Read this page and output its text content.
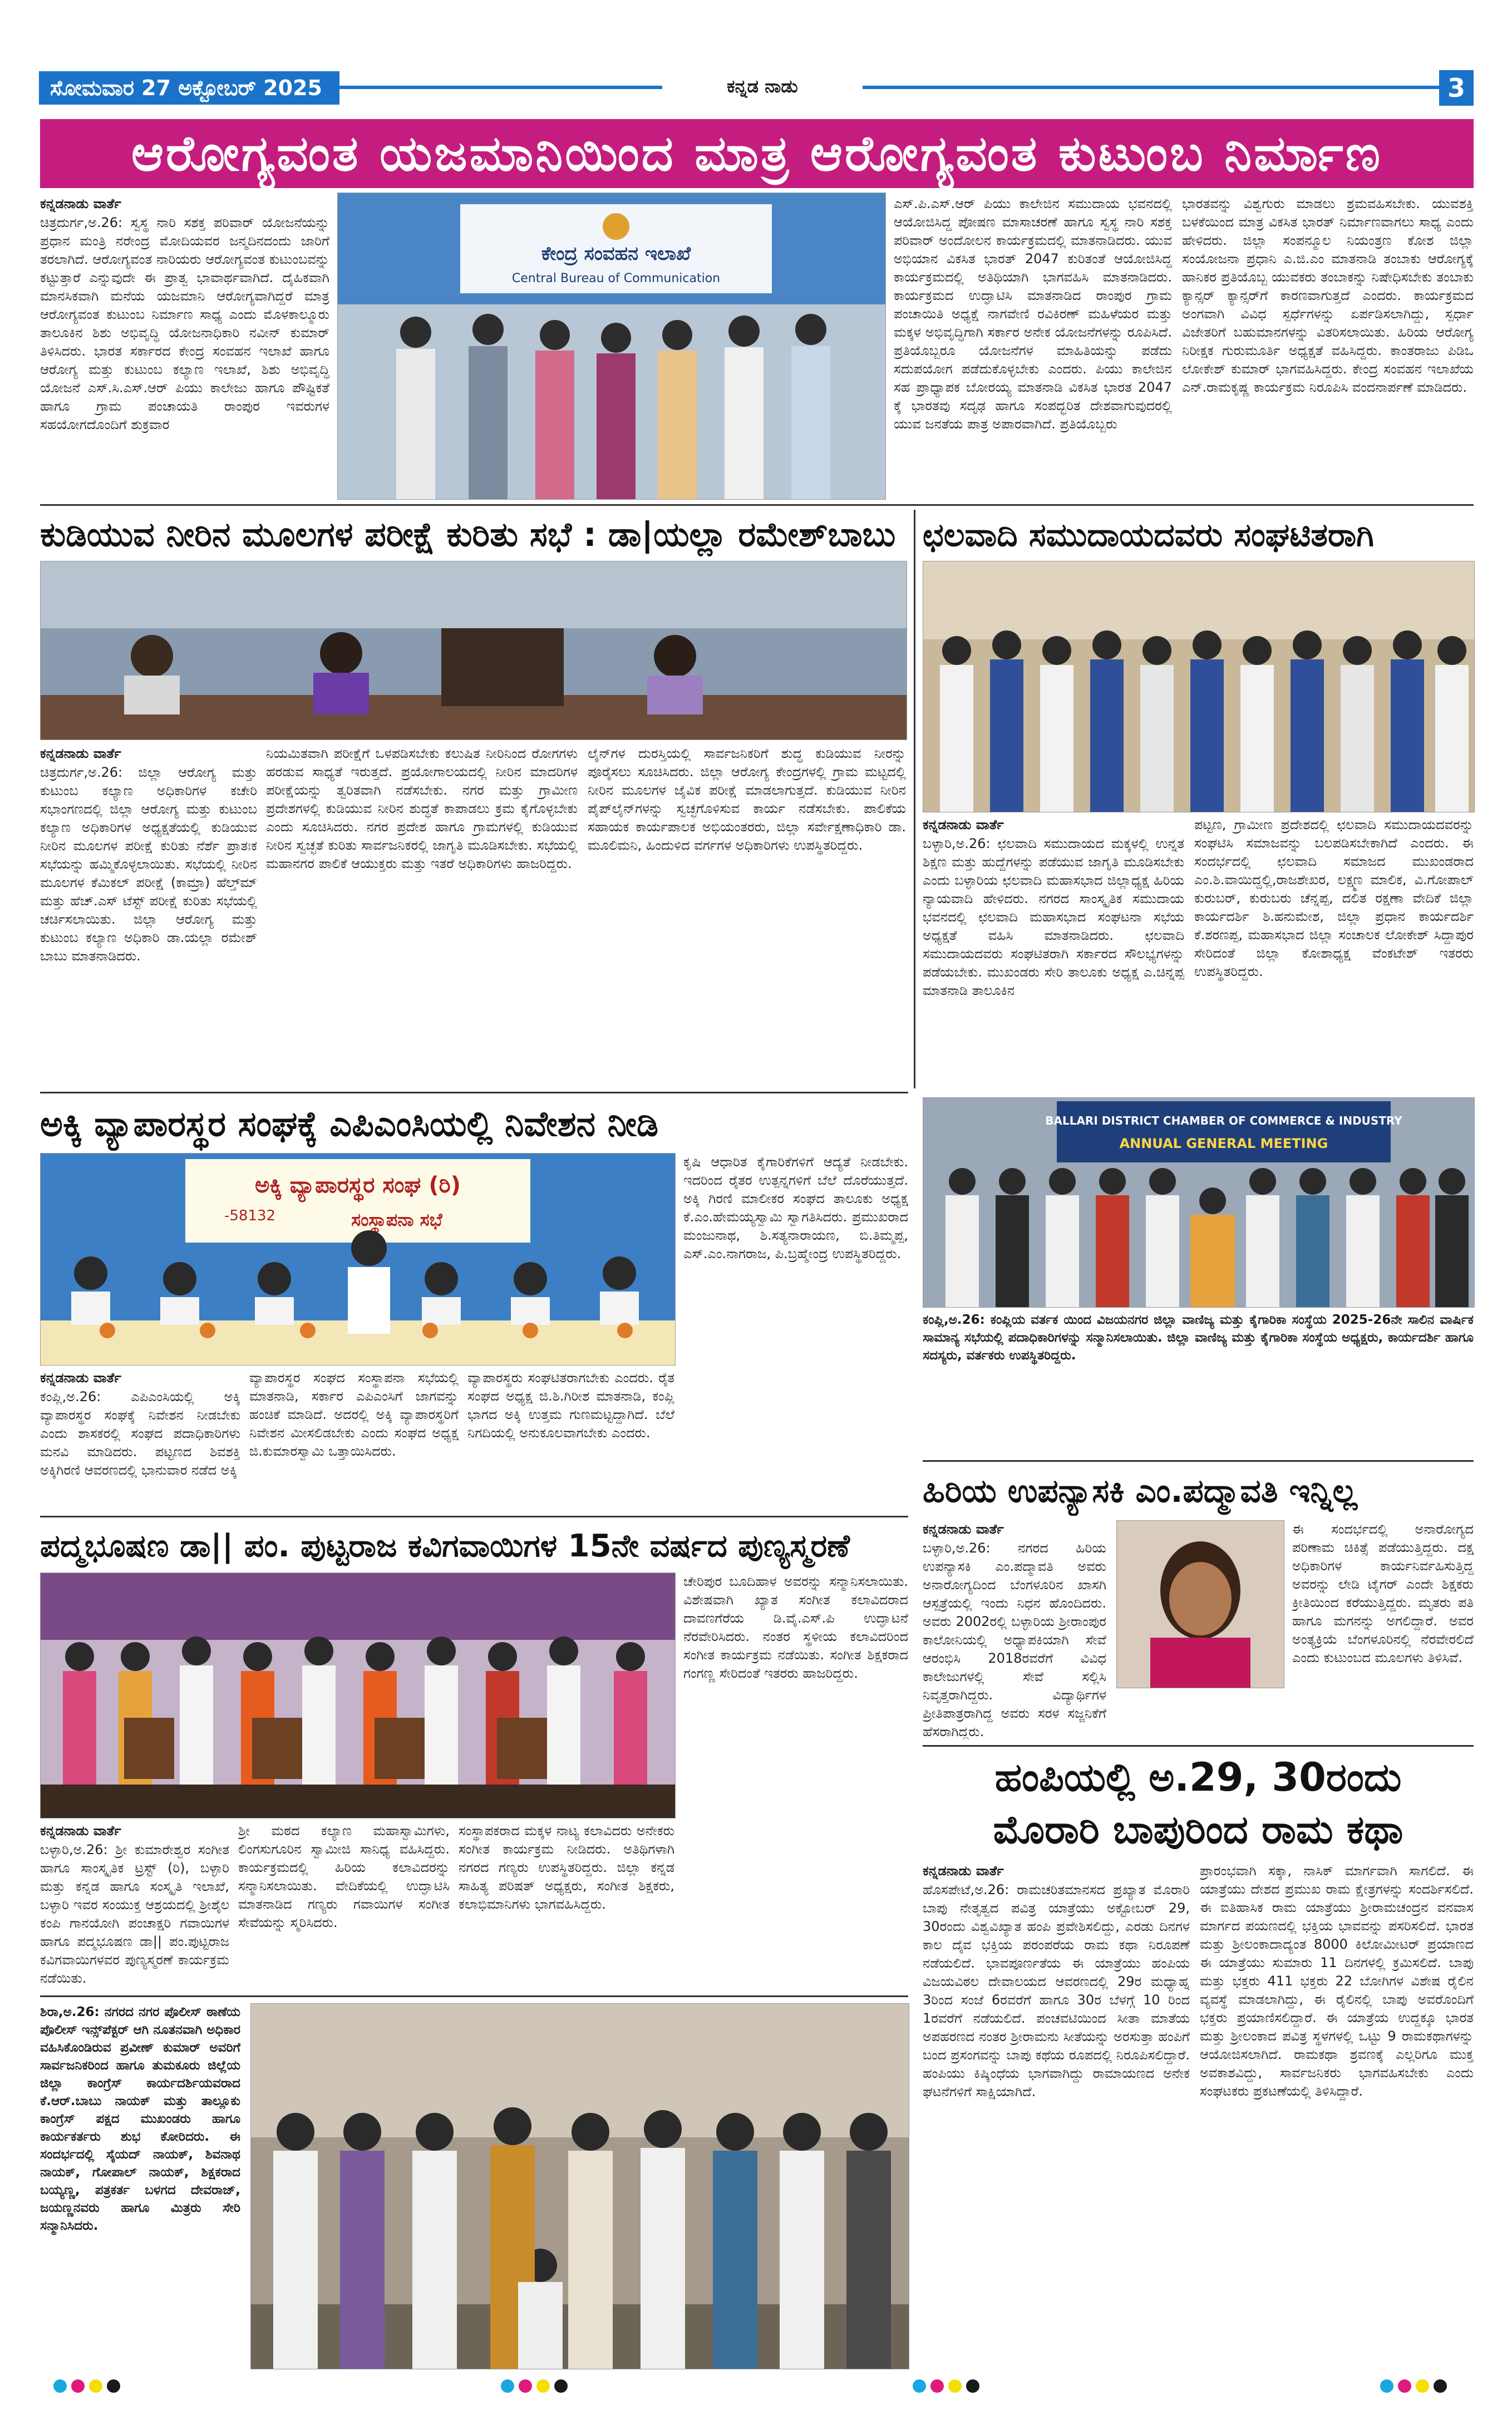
ಸೋಮವಾರ 27 ಅಕ್ಟೋಬರ್ 2025	ಕನ್ನಡ ನಾಡು	3
ಆರೋಗ್ಯವಂತ ಯಜಮಾನಿಯಿಂದ ಮಾತ್ರ ಆರೋಗ್ಯವಂತ ಕುಟುಂಬ ನಿರ್ಮಾಣ
ಕನ್ನಡನಾಡು ವಾರ್ತೆ
ಚಿತ್ರದುರ್ಗ,ಅ.26: ಸ್ವಸ್ಥ ನಾರಿ ಸಶಕ್ತ ಪರಿವಾರ್ ಯೋಜನೆಯನ್ನು ಪ್ರಧಾನ ಮಂತ್ರಿ ನರೇಂದ್ರ ಮೋದಿಯವರ ಜನ್ಮದಿನದಂದು ಜಾರಿಗೆ ತರಲಾಗಿದೆ. ಆರೋಗ್ಯವಂತ ನಾರಿಯರು ಆರೋಗ್ಯವಂತ ಕುಟುಂಬವನ್ನು ಕಟ್ಟುತ್ತಾರೆ ಎನ್ನುವುದೇ ಈ ಪ್ರಾತ್ವ ಭಾವಾರ್ಥವಾಗಿದೆ. ದೈಹಿಕವಾಗಿ ಮಾನಸಿಕವಾಗಿ ಮನೆಯ ಯಜಮಾನಿ ಆರೋಗ್ಯವಾಗಿದ್ದರೆ ಮಾತ್ರ ಆರೋಗ್ಯವಂತ ಕುಟುಂಬ ನಿರ್ಮಾಣ ಸಾಧ್ಯ ಎಂದು ಮೊಳಕಾಲ್ಮೂರು ತಾಲೂಕಿನ ಶಿಶು ಅಭಿವೃದ್ಧಿ ಯೋಜನಾಧಿಕಾರಿ ನವೀನ್ ಕುಮಾರ್ ತಿಳಿಸಿದರು. ಭಾರತ ಸರ್ಕಾರದ ಕೇಂದ್ರ ಸಂವಹನ ಇಲಾಖೆ ಹಾಗೂ ಆರೋಗ್ಯ ಮತ್ತು ಕುಟುಂಬ ಕಲ್ಯಾಣ ಇಲಾಖೆ, ಶಿಶು ಅಭಿವೃದ್ಧಿ ಯೋಜನೆ ಎಸ್.ಸಿ.ಎಸ್.ಆರ್ ಪಿಯು ಕಾಲೇಜು ಹಾಗೂ ಪೌಷ್ಟಿಕತೆ ಹಾಗೂ ಗ್ರಾಮ ಪಂಚಾಯತಿ ರಾಂಪುರ ಇವರುಗಳ ಸಹಯೋಗದೊಂದಿಗೆ ಶುಕ್ರವಾರ
ಕೇಂದ್ರ ಸಂವಹನ ಇಲಾಖೆ
Central Bureau of Communication
ಎಸ್.ಪಿ.ಎಸ್.ಆರ್ ಪಿಯು ಕಾಲೇಜಿನ ಸಮುದಾಯ ಭವನದಲ್ಲಿ ಆಯೋಜಿಸಿದ್ದ ಪೋಷಣ ಮಾಸಾಚರಣೆ ಹಾಗೂ ಸ್ವಸ್ಥ ನಾರಿ ಸಶಕ್ತ ಪರಿವಾರ್ ಅಂದೋಲನ ಕಾರ್ಯಕ್ರಮದಲ್ಲಿ ಮಾತನಾಡಿದರು. ಯುವ ಅಭಿಯಾನ ವಿಕಸಿತ ಭಾರತ್ 2047 ಕುರಿತಂತೆ ಆಯೋಜಿಸಿದ್ದ ಕಾರ್ಯಕ್ರಮದಲ್ಲಿ ಅತಿಥಿಯಾಗಿ ಭಾಗವಹಿಸಿ ಮಾತನಾಡಿದರು. ಕಾರ್ಯಕ್ರಮದ ಉದ್ಘಾಟಿಸಿ ಮಾತನಾಡಿದ ರಾಂಪುರ ಗ್ರಾಮ ಪಂಚಾಯಿತಿ ಅಧ್ಯಕ್ಷೆ ನಾಗವೇಣಿ ರವಿಕಿರಣ್ ಮಹಿಳೆಯರ ಮತ್ತು ಮಕ್ಕಳ ಅಭಿವೃದ್ಧಿಗಾಗಿ ಸರ್ಕಾರ ಅನೇಕ ಯೋಜನೆಗಳನ್ನು ರೂಪಿಸಿದೆ. ಪ್ರತಿಯೊಬ್ಬರೂ ಯೋಜನೆಗಳ ಮಾಹಿತಿಯನ್ನು ಪಡೆದು ಸದುಪಯೋಗ ಪಡೆದುಕೊಳ್ಳಬೇಕು ಎಂದರು. ಪಿಯು ಕಾಲೇಜಿನ ಸಹ ಪ್ರಾಧ್ಯಾಪಕ ಬೋರಯ್ಯ ಮಾತನಾಡಿ ವಿಕಸಿತ ಭಾರತ 2047 ಕ್ಕೆ ಭಾರತವು ಸದೃಢ ಹಾಗೂ ಸಂಪದ್ಭರಿತ ದೇಶವಾಗುವುದರಲ್ಲಿ ಯುವ ಜನತೆಯ ಪಾತ್ರ ಅಪಾರವಾಗಿದೆ. ಪ್ರತಿಯೊಬ್ಬರು
ಭಾರತವನ್ನು ವಿಶ್ವಗುರು ಮಾಡಲು ಶ್ರಮವಹಿಸಬೇಕು. ಯುವಶಕ್ತಿ ಬಳಕೆಯಿಂದ ಮಾತ್ರ ವಿಕಸಿತ ಭಾರತ್ ನಿರ್ಮಾಣವಾಗಲು ಸಾಧ್ಯ ಎಂದು ಹೇಳಿದರು. ಜಿಲ್ಲಾ ಸಂಪನ್ಮೂಲ ನಿಯಂತ್ರಣ ಕೋಶ ಜಿಲ್ಲಾ ಸಂಯೋಜನಾ ಪ್ರಧಾನಿ ಎ.ಜಿ.ಎಂ ಮಾತನಾಡಿ ತಂಬಾಕು ಆರೋಗ್ಯಕ್ಕೆ ಹಾನಿಕರ ಪ್ರತಿಯೊಬ್ಬ ಯುವಕರು ತಂಬಾಕನ್ನು ನಿಷೇಧಿಸಬೇಕು ತಂಬಾಕು ಕ್ಯಾನ್ಸರ್ ಕ್ಯಾನ್ಸರ್‌ಗೆ ಕಾರಣವಾಗುತ್ತದೆ ಎಂದರು. ಕಾರ್ಯಕ್ರಮದ ಅಂಗವಾಗಿ ವಿವಿಧ ಸ್ಪರ್ಧೆಗಳನ್ನು ಏರ್ಪಡಿಸಲಾಗಿದ್ದು, ಸ್ಪರ್ಧಾ ವಿಜೇತರಿಗೆ ಬಹುಮಾನಗಳನ್ನು ವಿತರಿಸಲಾಯಿತು. ಹಿರಿಯ ಆರೋಗ್ಯ ನಿರೀಕ್ಷಕ ಗುರುಮೂರ್ತಿ ಅಧ್ಯಕ್ಷತೆ ವಹಿಸಿದ್ದರು. ಕಾಂತರಾಜು ಪಿಡಿಒ ಲೋಕೇಶ್ ಕುಮಾರ್ ಭಾಗವಹಿಸಿದ್ದರು. ಕೇಂದ್ರ ಸಂವಹನ ಇಲಾಖೆಯ ಎನ್.ರಾಮಕೃಷ್ಣ ಕಾರ್ಯಕ್ರಮ ನಿರೂಪಿಸಿ ವಂದನಾರ್ಪಣೆ ಮಾಡಿದರು.
ಕುಡಿಯುವ ನೀರಿನ ಮೂಲಗಳ ಪರೀಕ್ಷೆ ಕುರಿತು ಸಭೆ : ಡಾ|ಯಲ್ಲಾ ರಮೇಶ್‌ಬಾಬು
ಕನ್ನಡನಾಡು ವಾರ್ತೆ
ಚಿತ್ರದುರ್ಗ,ಅ.26: ಜಿಲ್ಲಾ ಆರೋಗ್ಯ ಮತ್ತು ಕುಟುಂಬ ಕಲ್ಯಾಣ ಅಧಿಕಾರಿಗಳ ಕಚೇರಿ ಸಭಾಂಗಣದಲ್ಲಿ ಜಿಲ್ಲಾ ಆರೋಗ್ಯ ಮತ್ತು ಕುಟುಂಬ ಕಲ್ಯಾಣ ಅಧಿಕಾರಿಗಳ ಅಧ್ಯಕ್ಷತೆಯಲ್ಲಿ ಕುಡಿಯುವ ನೀರಿನ ಮೂಲಗಳ ಪರೀಕ್ಷೆ ಕುರಿತು ನೆರ್ಶೆ ಪ್ರಾತಃಕ ಸಭೆಯನ್ನು ಹಮ್ಮಿಕೊಳ್ಳಲಾಯಿತು. ಸಭೆಯಲ್ಲಿ ನೀರಿನ ಮೂಲಗಳ ಕೆಮಿಕಲ್ ಪರೀಕ್ಷೆ (ಕಾಮ್ರಾ) ಹೆಲ್ತ್‌ಮ್ ಮತ್ತು ಹೆಚ್.ಎಸ್ ಟೆಸ್ಟ್ ಪರೀಕ್ಷೆ ಕುರಿತು ಸಭೆಯಲ್ಲಿ ಚರ್ಚಿಸಲಾಯಿತು. ಜಿಲ್ಲಾ ಆರೋಗ್ಯ ಮತ್ತು ಕುಟುಂಬ ಕಲ್ಯಾಣ ಅಧಿಕಾರಿ ಡಾ.ಯಲ್ಲಾ ರಮೇಶ್ ಬಾಬು ಮಾತನಾಡಿದರು.
ನಿಯಮಿತವಾಗಿ ಪರೀಕ್ಷೆಗೆ ಒಳಪಡಿಸಬೇಕು ಕಲುಷಿತ ನೀರಿನಿಂದ ರೋಗಗಳು ಹರಡುವ ಸಾಧ್ಯತೆ ಇರುತ್ತದೆ. ಪ್ರಯೋಗಾಲಯದಲ್ಲಿ ನೀರಿನ ಮಾದರಿಗಳ ಪರೀಕ್ಷೆಯನ್ನು ತ್ವರಿತವಾಗಿ ನಡೆಸಬೇಕು. ನಗರ ಮತ್ತು ಗ್ರಾಮೀಣ ಪ್ರದೇಶಗಳಲ್ಲಿ ಕುಡಿಯುವ ನೀರಿನ ಶುದ್ಧತೆ ಕಾಪಾಡಲು ಕ್ರಮ ಕೈಗೊಳ್ಳಬೇಕು ಎಂದು ಸೂಚಿಸಿದರು. ನಗರ ಪ್ರದೇಶ ಹಾಗೂ ಗ್ರಾಮಗಳಲ್ಲಿ ಕುಡಿಯುವ ನೀರಿನ ಸ್ವಚ್ಛತೆ ಕುರಿತು ಸಾರ್ವಜನಿಕರಲ್ಲಿ ಜಾಗೃತಿ ಮೂಡಿಸಬೇಕು. ಸಭೆಯಲ್ಲಿ ಮಹಾನಗರ ಪಾಲಿಕೆ ಆಯುಕ್ತರು ಮತ್ತು ಇತರೆ ಅಧಿಕಾರಿಗಳು ಹಾಜರಿದ್ದರು.
ಲೈನ್‌ಗಳ ದುರಸ್ತಿಯಲ್ಲಿ ಸಾರ್ವಜನಿಕರಿಗೆ ಶುದ್ಧ ಕುಡಿಯುವ ನೀರನ್ನು ಪೂರೈಸಲು ಸೂಚಿಸಿದರು. ಜಿಲ್ಲಾ ಆರೋಗ್ಯ ಕೇಂದ್ರಗಳಲ್ಲಿ ಗ್ರಾಮ ಮಟ್ಟದಲ್ಲಿ ನೀರಿನ ಮೂಲಗಳ ಜೈವಿಕ ಪರೀಕ್ಷೆ ಮಾಡಲಾಗುತ್ತದೆ. ಕುಡಿಯುವ ನೀರಿನ ಪೈಪ್‌ಲೈನ್‌ಗಳನ್ನು ಸ್ವಚ್ಛಗೊಳಿಸುವ ಕಾರ್ಯ ನಡೆಸಬೇಕು. ಪಾಲಿಕೆಯ ಸಹಾಯಕ ಕಾರ್ಯಪಾಲಕ ಅಭಿಯಂತರರು, ಜಿಲ್ಲಾ ಸರ್ವೇಕ್ಷಣಾಧಿಕಾರಿ ಡಾ. ಮೂಲಿಮನಿ, ಹಿಂದುಳಿದ ವರ್ಗಗಳ ಅಧಿಕಾರಿಗಳು ಉಪಸ್ಥಿತರಿದ್ದರು.
ಛಲವಾದಿ ಸಮುದಾಯದವರು ಸಂಘಟಿತರಾಗಿ
ಕನ್ನಡನಾಡು ವಾರ್ತೆ
ಬಳ್ಳಾರಿ,ಅ.26: ಛಲವಾದಿ ಸಮುದಾಯದ ಮಕ್ಕಳಲ್ಲಿ ಉನ್ನತ ಶಿಕ್ಷಣ ಮತ್ತು ಹುದ್ದೆಗಳನ್ನು ಪಡೆಯುವ ಜಾಗೃತಿ ಮೂಡಿಸಬೇಕು ಎಂದು ಬಳ್ಳಾರಿಯ ಛಲವಾದಿ ಮಹಾಸಭಾದ ಜಿಲ್ಲಾಧ್ಯಕ್ಷ ಹಿರಿಯ ನ್ಯಾಯವಾದಿ ಹೇಳಿದರು. ನಗರದ ಸಾಂಸ್ಕೃತಿಕ ಸಮುದಾಯ ಭವನದಲ್ಲಿ ಛಲವಾದಿ ಮಹಾಸಭಾದ ಸಂಘಟನಾ ಸಭೆಯ ಅಧ್ಯಕ್ಷತೆ ವಹಿಸಿ ಮಾತನಾಡಿದರು. ಛಲವಾದಿ ಸಮುದಾಯದವರು ಸಂಘಟಿತರಾಗಿ ಸರ್ಕಾರದ ಸೌಲಭ್ಯಗಳನ್ನು ಪಡೆಯಬೇಕು. ಮುಖಂಡರು ಸೇರಿ ತಾಲೂಕು ಅಧ್ಯಕ್ಷ ಎ.ಚಿನ್ನಪ್ಪ ಮಾತನಾಡಿ ತಾಲೂಕಿನ
ಪಟ್ಟಣ, ಗ್ರಾಮೀಣ ಪ್ರದೇಶದಲ್ಲಿ ಛಲವಾದಿ ಸಮುದಾಯದವರನ್ನು ಸಂಘಟಿಸಿ ಸಮಾಜವನ್ನು ಬಲಪಡಿಸಬೇಕಾಗಿದೆ ಎಂದರು. ಈ ಸಂದರ್ಭದಲ್ಲಿ ಛಲವಾದಿ ಸಮಾಜದ ಮುಖಂಡರಾದ ಎಂ.ಶಿ.ವಾಯಿದ್ದಲ್ಲಿ,ರಾಜಶೇಖರ, ಲಕ್ಷ್ಮಣ ಮಾಲಿಕ, ವಿ.ಗೋಪಾಲ್ ಕುರುಬರ್, ಕುರುಬರು ಚೆನ್ನಪ್ಪ, ದಲಿತ ರಕ್ಷಣಾ ವೇದಿಕೆ ಜಿಲ್ಲಾ ಕಾರ್ಯದರ್ಶಿ ಶಿ.ಹನುಮೇಶ, ಜಿಲ್ಲಾ ಪ್ರಧಾನ ಕಾರ್ಯದರ್ಶಿ ಕೆ.ಶರಣಪ್ಪ, ಮಹಾಸಭಾದ ಜಿಲ್ಲಾ ಸಂಚಾಲಕ ಲೋಕೇಶ್ ಸಿದ್ದಾಪುರ ಸೇರಿದಂತೆ ಜಿಲ್ಲಾ ಕೋಶಾಧ್ಯಕ್ಷ ವೆಂಕಟೇಶ್ ಇತರರು ಉಪಸ್ಥಿತರಿದ್ದರು.
ಅಕ್ಕಿ ವ್ಯಾಪಾರಸ್ಥರ ಸಂಘಕ್ಕೆ ಎಪಿಎಂಸಿಯಲ್ಲಿ ನಿವೇಶನ ನೀಡಿ
ಅಕ್ಕಿ ವ್ಯಾಪಾರಸ್ಥರ ಸಂಘ (ರಿ)
-58132	ಸಂಸ್ಥಾಪನಾ ಸಭೆ
ಕೃಷಿ ಆಧಾರಿತ ಕೈಗಾರಿಕೆಗಳಿಗೆ ಆದ್ಯತೆ ನೀಡಬೇಕು. ಇದರಿಂದ ರೈತರ ಉತ್ಪನ್ನಗಳಿಗೆ ಬೆಲೆ ದೊರೆಯುತ್ತದೆ. ಅಕ್ಕಿ ಗಿರಣಿ ಮಾಲೀಕರ ಸಂಘದ ತಾಲೂಕು ಅಧ್ಯಕ್ಷ ಕೆ.ಎಂ.ಹೇಮಯ್ಯಸ್ವಾಮಿ ಸ್ವಾಗತಿಸಿದರು. ಪ್ರಮುಖರಾದ ಮಂಜುನಾಥ, ಶಿ.ಸತ್ಯನಾರಾಯಣ, ಬಿ.ತಿಮ್ಮಪ್ಪ, ಎಸ್.ಎಂ.ನಾಗರಾಜ, ಪಿ.ಬ್ರಹ್ಮೇಂದ್ರ ಉಪಸ್ಥಿತರಿದ್ದರು.
ಕನ್ನಡನಾಡು ವಾರ್ತೆ
ಕಂಪ್ಲಿ,ಅ.26: ಎಪಿಎಂಸಿಯಲ್ಲಿ ಅಕ್ಕಿ ವ್ಯಾಪಾರಸ್ಥರ ಸಂಘಕ್ಕೆ ನಿವೇಶನ ನೀಡಬೇಕು ಎಂದು ಶಾಸಕರಲ್ಲಿ ಸಂಘದ ಪದಾಧಿಕಾರಿಗಳು ಮನವಿ ಮಾಡಿದರು. ಪಟ್ಟಣದ ಶಿವಶಕ್ತಿ ಅಕ್ಕಿಗಿರಣಿ ಆವರಣದಲ್ಲಿ ಭಾನುವಾರ ನಡೆದ ಅಕ್ಕಿ
ವ್ಯಾಪಾರಸ್ಥರ ಸಂಘದ ಸಂಸ್ಥಾಪನಾ ಸಭೆಯಲ್ಲಿ ಮಾತನಾಡಿ, ಸರ್ಕಾರ ಎಪಿಎಂಸಿಗೆ ಜಾಗವನ್ನು ಹಂಚಿಕೆ ಮಾಡಿದೆ. ಅದರಲ್ಲಿ ಅಕ್ಕಿ ವ್ಯಾಪಾರಸ್ಥರಿಗೆ ನಿವೇಶನ ಮೀಸಲಿಡಬೇಕು ಎಂದು ಸಂಘದ ಅಧ್ಯಕ್ಷ ಜಿ.ಕುಮಾರಸ್ವಾಮಿ ಒತ್ತಾಯಿಸಿದರು.
ವ್ಯಾಪಾರಸ್ಥರು ಸಂಘಟಿತರಾಗಬೇಕು ಎಂದರು. ರೈತ ಸಂಘದ ಅಧ್ಯಕ್ಷ ಜಿ.ಶಿ.ಗಿರೀಶ ಮಾತನಾಡಿ, ಕಂಪ್ಲಿ ಭಾಗದ ಅಕ್ಕಿ ಉತ್ತಮ ಗುಣಮಟ್ಟದ್ದಾಗಿದೆ. ಬೆಲೆ ನಿಗದಿಯಲ್ಲಿ ಅನುಕೂಲವಾಗಬೇಕು ಎಂದರು.
BALLARI DISTRICT CHAMBER OF COMMERCE & INDUSTRY
ANNUAL GENERAL MEETING
ಕಂಪ್ಲಿ,ಅ.26: ಕಂಪ್ಲಿಯ ವರ್ತಕ ಯಿಂದ ವಿಜಯನಗರ ಜಿಲ್ಲಾ ವಾಣಿಜ್ಯ ಮತ್ತು ಕೈಗಾರಿಕಾ ಸಂಸ್ಥೆಯ 2025-26ನೇ ಸಾಲಿನ ವಾರ್ಷಿಕ ಸಾಮಾನ್ಯ ಸಭೆಯಲ್ಲಿ ಪದಾಧಿಕಾರಿಗಳನ್ನು ಸನ್ಮಾನಿಸಲಾಯಿತು. ಜಿಲ್ಲಾ ವಾಣಿಜ್ಯ ಮತ್ತು ಕೈಗಾರಿಕಾ ಸಂಸ್ಥೆಯ ಅಧ್ಯಕ್ಷರು, ಕಾರ್ಯದರ್ಶಿ ಹಾಗೂ ಸದಸ್ಯರು, ವರ್ತಕರು ಉಪಸ್ಥಿತರಿದ್ದರು.
ಹಿರಿಯ ಉಪನ್ಯಾಸಕಿ ಎಂ.ಪದ್ಮಾವತಿ ಇನ್ನಿಲ್ಲ
ಕನ್ನಡನಾಡು ವಾರ್ತೆ
ಬಳ್ಳಾರಿ,ಅ.26: ನಗರದ ಹಿರಿಯ ಉಪನ್ಯಾಸಕಿ ಎಂ.ಪದ್ಮಾವತಿ ಅವರು ಅನಾರೋಗ್ಯದಿಂದ ಬೆಂಗಳೂರಿನ ಖಾಸಗಿ ಆಸ್ಪತ್ರೆಯಲ್ಲಿ ಇಂದು ನಿಧನ ಹೊಂದಿದರು. ಅವರು 2002ರಲ್ಲಿ ಬಳ್ಳಾರಿಯ ಶ್ರೀರಾಂಪುರ ಕಾಲೋನಿಯಲ್ಲಿ ಅಧ್ಯಾಪಕಿಯಾಗಿ ಸೇವೆ ಆರಂಭಿಸಿ 2018ರವರೆಗೆ ವಿವಿಧ ಕಾಲೇಜುಗಳಲ್ಲಿ ಸೇವೆ ಸಲ್ಲಿಸಿ ನಿವೃತ್ತರಾಗಿದ್ದರು. ವಿದ್ಯಾರ್ಥಿಗಳ ಪ್ರೀತಿಪಾತ್ರರಾಗಿದ್ದ ಅವರು ಸರಳ ಸಜ್ಜನಿಕೆಗೆ ಹೆಸರಾಗಿದ್ದರು.
ಈ ಸಂದರ್ಭದಲ್ಲಿ ಅನಾರೋಗ್ಯದ ಪರಿಣಾಮ ಚಿಕಿತ್ಸೆ ಪಡೆಯುತ್ತಿದ್ದರು. ದಕ್ಷ ಅಧಿಕಾರಿಗಳ ಕಾರ್ಯನಿರ್ವಹಿಸುತ್ತಿದ್ದ ಅವರನ್ನು ಲೇಡಿ ಟೈಗರ್ ಎಂದೇ ಶಿಕ್ಷಕರು ಕ್ರೀತಿಯಿಂದ ಕರೆಯುತ್ತಿದ್ದರು. ಮೃತರು ಪತಿ ಹಾಗೂ ಮಗನನ್ನು ಅಗಲಿದ್ದಾರೆ. ಅವರ ಅಂತ್ಯಕ್ರಿಯೆ ಬೆಂಗಳೂರಿನಲ್ಲಿ ನೆರವೇರಲಿದೆ ಎಂದು ಕುಟುಂಬದ ಮೂಲಗಳು ತಿಳಿಸಿವೆ.
ಪದ್ಮಭೂಷಣ ಡಾ|| ಪಂ. ಪುಟ್ಟರಾಜ ಕವಿಗವಾಯಿಗಳ 15ನೇ ವರ್ಷದ ಪುಣ್ಯಸ್ಮರಣೆ
ಚೇರಿಪುರ ಬೂದಿಹಾಳ ಅವರನ್ನು ಸನ್ಮಾನಿಸಲಾಯಿತು. ವಿಶೇಷವಾಗಿ ಖ್ಯಾತ ಸಂಗೀತ ಕಲಾವಿದರಾದ ದಾವಣಗೆರೆಯ ಡಿ.ವೈ.ಎಸ್.ಪಿ ಉದ್ಘಾಟನೆ ನೆರವೇರಿಸಿದರು. ನಂತರ ಸ್ಥಳೀಯ ಕಲಾವಿದರಿಂದ ಸಂಗೀತ ಕಾರ್ಯಕ್ರಮ ನಡೆಯಿತು. ಸಂಗೀತ ಶಿಕ್ಷಕರಾದ ಗಂಗಣ್ಣ ಸೇರಿದಂತೆ ಇತರರು ಹಾಜರಿದ್ದರು.
ಕನ್ನಡನಾಡು ವಾರ್ತೆ
ಬಳ್ಳಾರಿ,ಅ.26: ಶ್ರೀ ಕುಮಾರೇಶ್ವರ ಸಂಗೀತ ಹಾಗೂ ಸಾಂಸ್ಕೃತಿಕ ಟ್ರಸ್ಟ್ (ರಿ), ಬಳ್ಳಾರಿ ಮತ್ತು ಕನ್ನಡ ಹಾಗೂ ಸಂಸ್ಕೃತಿ ಇಲಾಖೆ, ಬಳ್ಳಾರಿ ಇವರ ಸಂಯುಕ್ತ ಆಶ್ರಯದಲ್ಲಿ ಶ್ರೀಶೈಲ ಕಂಪಿ ಗಾನಯೋಗಿ ಪಂಚಾಕ್ಷರಿ ಗವಾಯಿಗಳ ಹಾಗೂ ಪದ್ಮಭೂಷಣ ಡಾ|| ಪಂ.ಪುಟ್ಟರಾಜ ಕವಿಗವಾಯಿಗಳವರ ಪುಣ್ಯಸ್ಮರಣೆ ಕಾರ್ಯಕ್ರಮ ನಡೆಯಿತು.
ಶ್ರೀ ಮಠದ ಕಲ್ಯಾಣ ಮಹಾಸ್ವಾಮಿಗಳು, ಲಿಂಗಸುಗೂರಿನ ಸ್ವಾಮೀಜಿ ಸಾನಿಧ್ಯ ವಹಿಸಿದ್ದರು. ಕಾರ್ಯಕ್ರಮದಲ್ಲಿ ಹಿರಿಯ ಕಲಾವಿದರನ್ನು ಸನ್ಮಾನಿಸಲಾಯಿತು. ವೇದಿಕೆಯಲ್ಲಿ ಉದ್ಘಾಟಿಸಿ ಮಾತನಾಡಿದ ಗಣ್ಯರು ಗವಾಯಿಗಳ ಸಂಗೀತ ಸೇವೆಯನ್ನು ಸ್ಮರಿಸಿದರು.
ಸಂಸ್ಥಾಪಕರಾದ ಮಕ್ಕಳ ನಾಟ್ಯ ಕಲಾವಿದರು ಅನೇಕರು ಸಂಗೀತ ಕಾರ್ಯಕ್ರಮ ನೀಡಿದರು. ಅತಿಥಿಗಳಾಗಿ ನಗರದ ಗಣ್ಯರು ಉಪಸ್ಥಿತರಿದ್ದರು. ಜಿಲ್ಲಾ ಕನ್ನಡ ಸಾಹಿತ್ಯ ಪರಿಷತ್ ಅಧ್ಯಕ್ಷರು, ಸಂಗೀತ ಶಿಕ್ಷಕರು, ಕಲಾಭಿಮಾನಿಗಳು ಭಾಗವಹಿಸಿದ್ದರು.
ಹಂಪಿಯಲ್ಲಿ ಅ.29, 30ರಂದು
ಮೊರಾರಿ ಬಾಪುರಿಂದ ರಾಮ ಕಥಾ
ಕನ್ನಡನಾಡು ವಾರ್ತೆ
ಹೊಸಪೇಟೆ,ಅ.26: ರಾಮಚರಿತಮಾನಸದ ಪ್ರಖ್ಯಾತ ಮೊರಾರಿ ಬಾಪು ನೇತೃತ್ವದ ಪವಿತ್ರ ಯಾತ್ರೆಯು ಅಕ್ಟೋಬರ್ 29, 30ರಂದು ವಿಶ್ವವಿಖ್ಯಾತ ಹಂಪಿ ಪ್ರವೇಶಿಸಲಿದ್ದು, ಎರಡು ದಿನಗಳ ಕಾಲ ದೈವ ಭಕ್ತಿಯ ಪರಂಪರೆಯ ರಾಮ ಕಥಾ ನಿರೂಪಣೆ ನಡೆಯಲಿದೆ. ಭಾವಪೂರ್ಣತೆಯ ಈ ಯಾತ್ರೆಯು ಹಂಪಿಯ ವಿಜಯವಿಠಲ ದೇವಾಲಯದ ಆವರಣದಲ್ಲಿ 29ರ ಮಧ್ಯಾಹ್ನ 3ರಿಂದ ಸಂಜೆ 6ರವರೆಗೆ ಹಾಗೂ 30ರ ಬೆಳಗ್ಗೆ 10 ರಿಂದ 1ರವರೆಗೆ ನಡೆಯಲಿದೆ. ಪಂಚವಟಿಯಿಂದ ಸೀತಾ ಮಾತೆಯ ಅಪಹರಣದ ನಂತರ ಶ್ರೀರಾಮನು ಸೀತೆಯನ್ನು ಅರಸುತ್ತಾ ಹಂಪಿಗೆ ಬಂದ ಪ್ರಸಂಗವನ್ನು ಬಾಪು ಕಥೆಯ ರೂಪದಲ್ಲಿ ನಿರೂಪಿಸಲಿದ್ದಾರೆ. ಹಂಪಿಯು ಕಿಷ್ಕಿಂಧೆಯ ಭಾಗವಾಗಿದ್ದು ರಾಮಾಯಣದ ಅನೇಕ ಘಟನೆಗಳಿಗೆ ಸಾಕ್ಷಿಯಾಗಿದೆ.
ಪ್ರಾರಂಭವಾಗಿ ಸಕ್ಕಾ, ನಾಸಿಕ್ ಮಾರ್ಗವಾಗಿ ಸಾಗಲಿದೆ. ಈ ಯಾತ್ರೆಯು ದೇಶದ ಪ್ರಮುಖ ರಾಮ ಕ್ಷೇತ್ರಗಳನ್ನು ಸಂದರ್ಶಿಸಲಿದೆ. ಈ ಐತಿಹಾಸಿಕ ರಾಮ ಯಾತ್ರೆಯು ಶ್ರೀರಾಮಚಂದ್ರನ ವನವಾಸ ಮಾರ್ಗದ ಪಯಣದಲ್ಲಿ ಭಕ್ತಿಯ ಭಾವವನ್ನು ಪಸರಿಸಲಿದೆ. ಭಾರತ ಮತ್ತು ಶ್ರೀಲಂಕಾದಾದ್ಯಂತ 8000 ಕಿಲೋಮೀಟರ್ ಪ್ರಯಾಣದ ಈ ಯಾತ್ರೆಯು ಸುಮಾರು 11 ದಿನಗಳಲ್ಲಿ ಕ್ರಮಿಸಲಿದೆ. ಬಾಪು ಮತ್ತು ಭಕ್ತರು 411 ಭಕ್ತರು 22 ಬೋಗಿಗಳ ವಿಶೇಷ ರೈಲಿನ ವ್ಯವಸ್ಥೆ ಮಾಡಲಾಗಿದ್ದು, ಈ ರೈಲಿನಲ್ಲಿ ಬಾಪು ಅವರೊಂದಿಗೆ ಭಕ್ತರು ಪ್ರಯಾಣಿಸಲಿದ್ದಾರೆ. ಈ ಯಾತ್ರೆಯ ಉದ್ದಕ್ಕೂ ಭಾರತ ಮತ್ತು ಶ್ರೀಲಂಕಾದ ಪವಿತ್ರ ಸ್ಥಳಗಳಲ್ಲಿ ಒಟ್ಟು 9 ರಾಮಕಥಾಗಳನ್ನು ಆಯೋಜಿಸಲಾಗಿದೆ. ರಾಮಕಥಾ ಶ್ರವಣಕ್ಕೆ ಎಲ್ಲರಿಗೂ ಮುಕ್ತ ಅವಕಾಶವಿದ್ದು, ಸಾರ್ವಜನಿಕರು ಭಾಗವಹಿಸಬೇಕು ಎಂದು ಸಂಘಟಕರು ಪ್ರಕಟಣೆಯಲ್ಲಿ ತಿಳಿಸಿದ್ದಾರೆ.
ಶಿರಾ,ಅ.26: ನಗರದ ನಗರ ಪೊಲೀಸ್ ಠಾಣೆಯ ಪೊಲೀಸ್ ಇನ್ಸ್‌ಪೆಕ್ಟರ್ ಆಗಿ ನೂತನವಾಗಿ ಅಧಿಕಾರ ವಹಿಸಿಕೊಂಡಿರುವ ಪ್ರವೀಣ್ ಕುಮಾರ್ ಅವರಿಗೆ ಸಾರ್ವಜನಿಕರಿಂದ ಹಾಗೂ ತುಮಕೂರು ಜಿಲ್ಲೆಯ ಜಿಲ್ಲಾ ಕಾಂಗ್ರೆಸ್ ಕಾರ್ಯದರ್ಶಿಯವರಾದ ಕೆ.ಆರ್.ಬಾಬು ನಾಯಕ್ ಮತ್ತು ತಾಲ್ಲೂಕು ಕಾಂಗ್ರೆಸ್ ಪಕ್ಷದ ಮುಖಂಡರು ಹಾಗೂ ಕಾರ್ಯಕರ್ತರು ಶುಭ ಕೋರಿದರು. ಈ ಸಂದರ್ಭದಲ್ಲಿ ಸೈಯದ್ ನಾಯಕ್, ಶಿವನಾಥ ನಾಯಕ್, ಗೋಪಾಲ್ ನಾಯಕ್, ಶಿಕ್ಷಕರಾದ ಬಯ್ಯಣ್ಣ, ಪತ್ರಕರ್ತ ಬಳಗದ ದೇವರಾಜ್, ಜಯಣ್ಣನವರು ಹಾಗೂ ಮಿತ್ರರು ಸೇರಿ ಸನ್ಮಾನಿಸಿದರು.
